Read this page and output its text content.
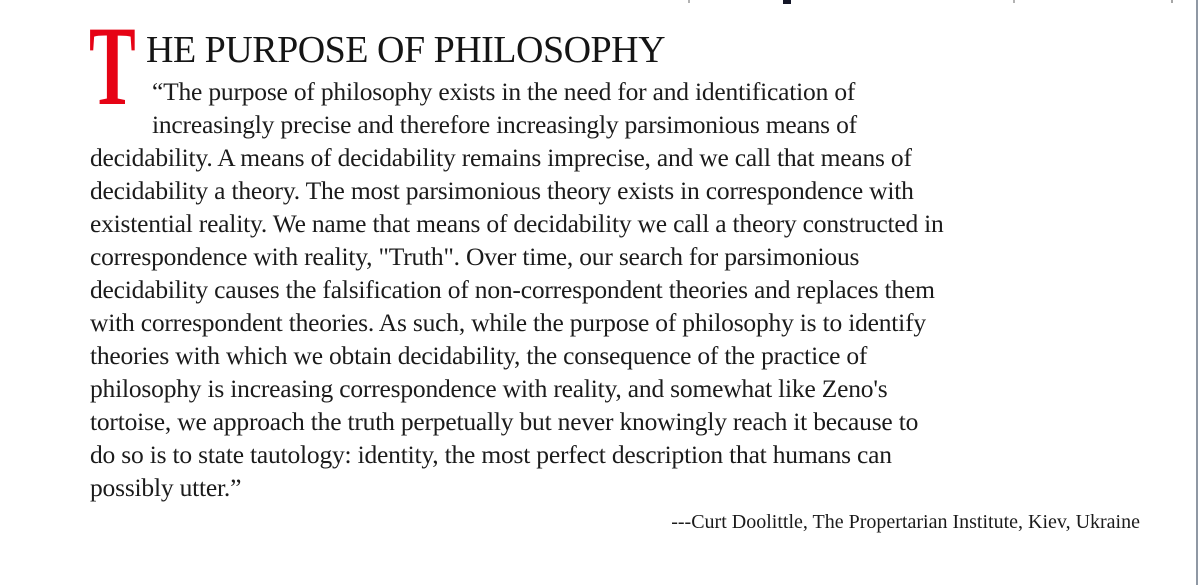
T HE PURPOSE OF PHILOSOPHY
“The purpose of philosophy exists in the need for and identification of
increasingly precise and therefore increasingly parsimonious means of
decidability. A means of decidability remains imprecise, and we call that means of
decidability a theory. The most parsimonious theory exists in correspondence with
existential reality. We name that means of decidability we call a theory constructed in
correspondence with reality, "Truth". Over time, our search for parsimonious
decidability causes the falsification of non-correspondent theories and replaces them
with correspondent theories. As such, while the purpose of philosophy is to identify
theories with which we obtain decidability, the consequence of the practice of
philosophy is increasing correspondence with reality, and somewhat like Zeno's
tortoise, we approach the truth perpetually but never knowingly reach it because to
do so is to state tautology: identity, the most perfect description that humans can
possibly utter.”
---Curt Doolittle, The Propertarian Institute, Kiev, Ukraine
